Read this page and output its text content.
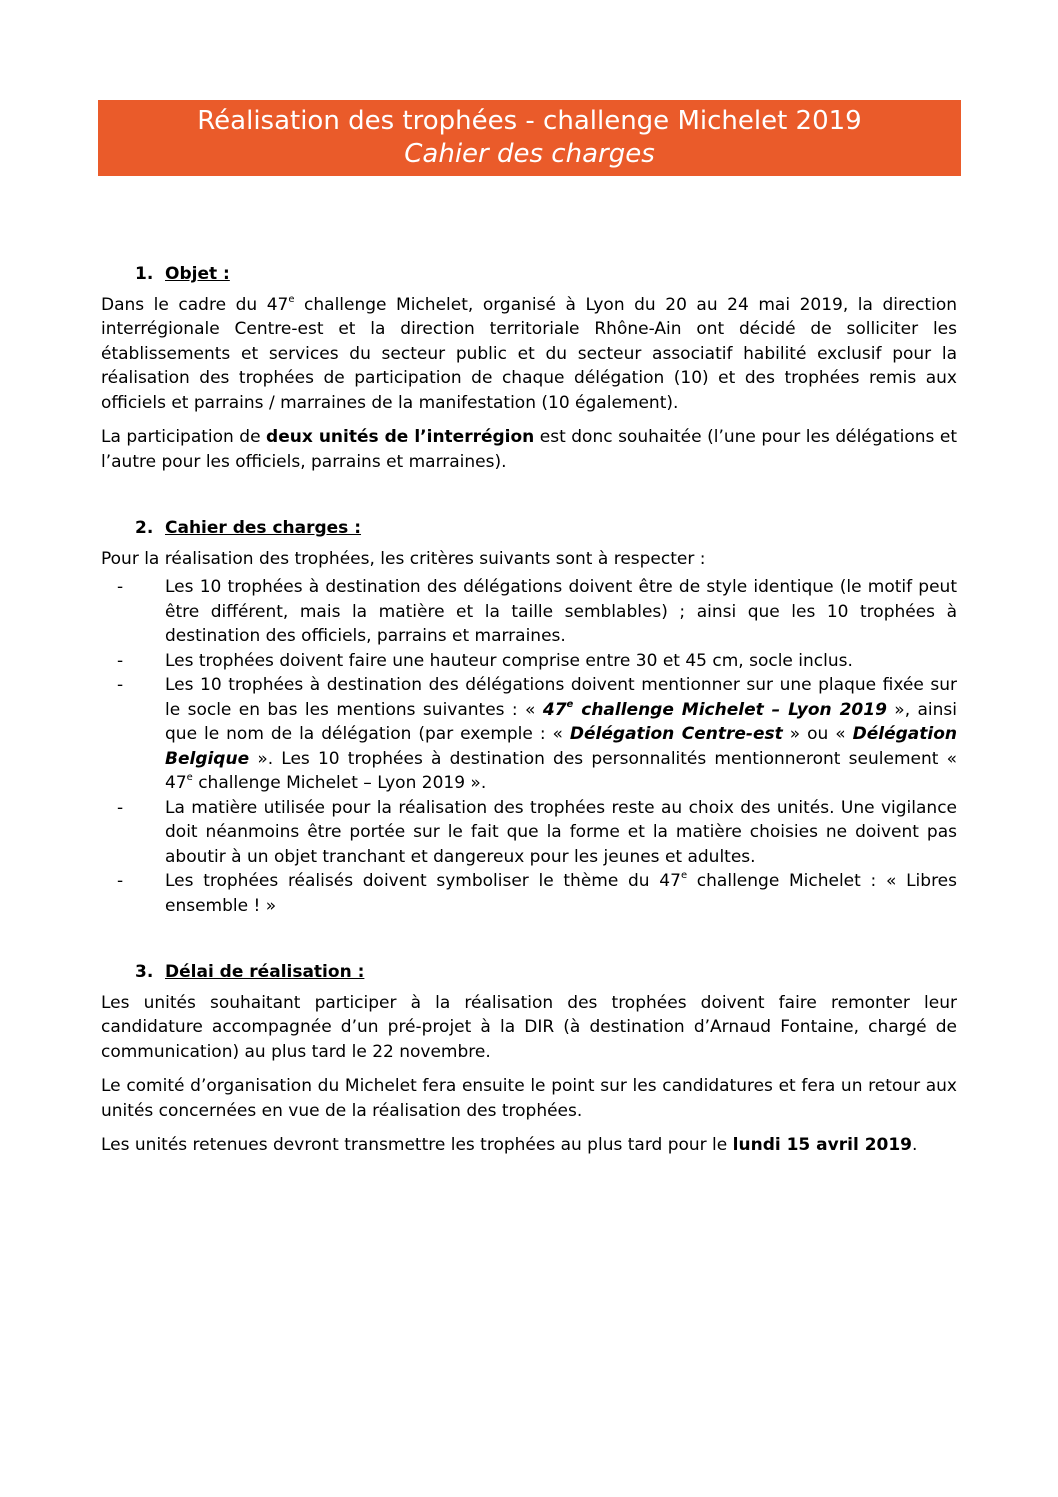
Réalisation des trophées - challenge Michelet 2019
Cahier des charges
1. Objet :

Dans le cadre du 47e challenge Michelet, organisé à Lyon du 20 au 24 mai 2019, la direction interrégionale Centre-est et la direction territoriale Rhône-Ain ont décidé de solliciter les établissements et services du secteur public et du secteur associatif habilité exclusif pour la réalisation des trophées de participation de chaque délégation (10) et des trophées remis aux officiels et parrains / marraines de la manifestation (10 également).

La participation de deux unités de l’interrégion est donc souhaitée (l’une pour les délégations et l’autre pour les officiels, parrains et marraines).

2. Cahier des charges :

Pour la réalisation des trophées, les critères suivants sont à respecter :

- Les 10 trophées à destination des délégations doivent être de style identique (le motif peut être différent, mais la matière et la taille semblables) ; ainsi que les 10 trophées à destination des officiels, parrains et marraines.
- Les trophées doivent faire une hauteur comprise entre 30 et 45 cm, socle inclus.
- Les 10 trophées à destination des délégations doivent mentionner sur une plaque fixée sur le socle en bas les mentions suivantes : « 47e challenge Michelet – Lyon 2019 », ainsi que le nom de la délégation (par exemple : « Délégation Centre-est » ou « Délégation Belgique ». Les 10 trophées à destination des personnalités mentionneront seulement « 47e challenge Michelet – Lyon 2019 ».
- La matière utilisée pour la réalisation des trophées reste au choix des unités. Une vigilance doit néanmoins être portée sur le fait que la forme et la matière choisies ne doivent pas aboutir à un objet tranchant et dangereux pour les jeunes et adultes.
- Les trophées réalisés doivent symboliser le thème du 47e challenge Michelet : « Libres ensemble ! »
3. Délai de réalisation :

Les unités souhaitant participer à la réalisation des trophées doivent faire remonter leur candidature accompagnée d’un pré-projet à la DIR (à destination d’Arnaud Fontaine, chargé de communication) au plus tard le 22 novembre.

Le comité d’organisation du Michelet fera ensuite le point sur les candidatures et fera un retour aux unités concernées en vue de la réalisation des trophées.

Les unités retenues devront transmettre les trophées au plus tard pour le lundi 15 avril 2019.
